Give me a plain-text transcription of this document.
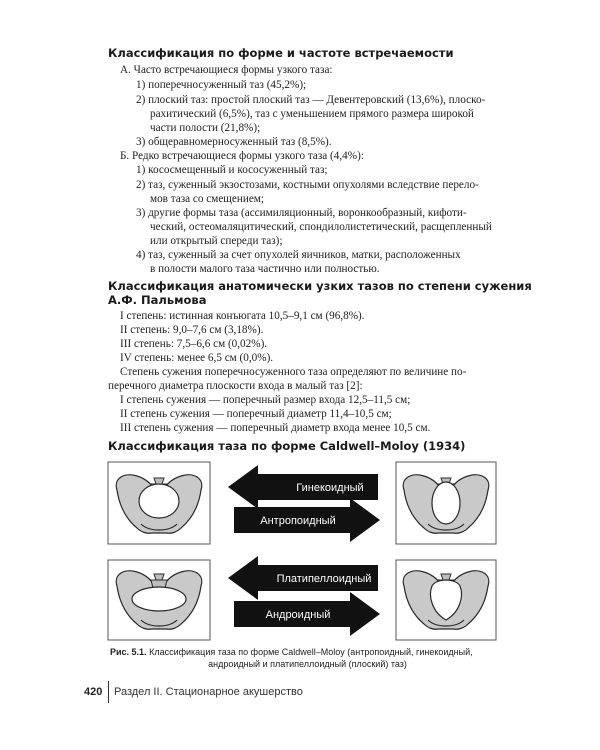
Классификация по форме и частоте встречаемости
А. Часто встречающиеся формы узкого таза:
1) поперечносуженный таз (45,2%);
2) плоский таз: простой плоский таз — Девентеровский (13,6%), плоско-
рахитический (6,5%), таз с уменьшением прямого размера широкой
части полости (21,8%);
3) общеравномерносуженный таз (8,5%).
Б. Редко встречающиеся формы узкого таза (4,4%):
1) кососмещенный и кососуженный таз;
2) таз, суженный экзостозами, костными опухолями вследствие перело-
мов таза со смещением;
3) другие формы таза (ассимиляционный, воронкообразный, кифоти-
ческий, остеомаляцитический, спондилолистетический, расщепленный
или открытый спереди таз);
4) таз, суженный за счет опухолей яичников, матки, расположенных
в полости малого таза частично или полностью.
Классификация анатомически узких тазов по степени сужения
А.Ф. Пальмова
I степень: истинная конъюгата 10,5–9,1 см (96,8%).
II степень: 9,0–7,6 см (3,18%).
III степень: 7,5–6,6 см (0,02%).
IV степень: менее 6,5 см (0,0%).
Степень сужения поперечносуженного таза определяют по величине по-
перечного диаметра плоскости входа в малый таз [2]:
I степень сужения — поперечный размер входа 12,5–11,5 см;
II степень сужения — поперечный диаметр 11,4–10,5 см;
III степень сужения — поперечный диаметр входа менее 10,5 см.
Классификация таза по форме Caldwell–Moloy (1934)
Гинекоидный
Антропоидный
Платипеллоидный
Андроидный
Рис. 5.1. Классификация таза по форме Caldwell–Moloy (антропоидный, гинекоидный,
андроидный и платипеллоидный (плоский) таз)
420 Раздел II. Стационарное акушерство
